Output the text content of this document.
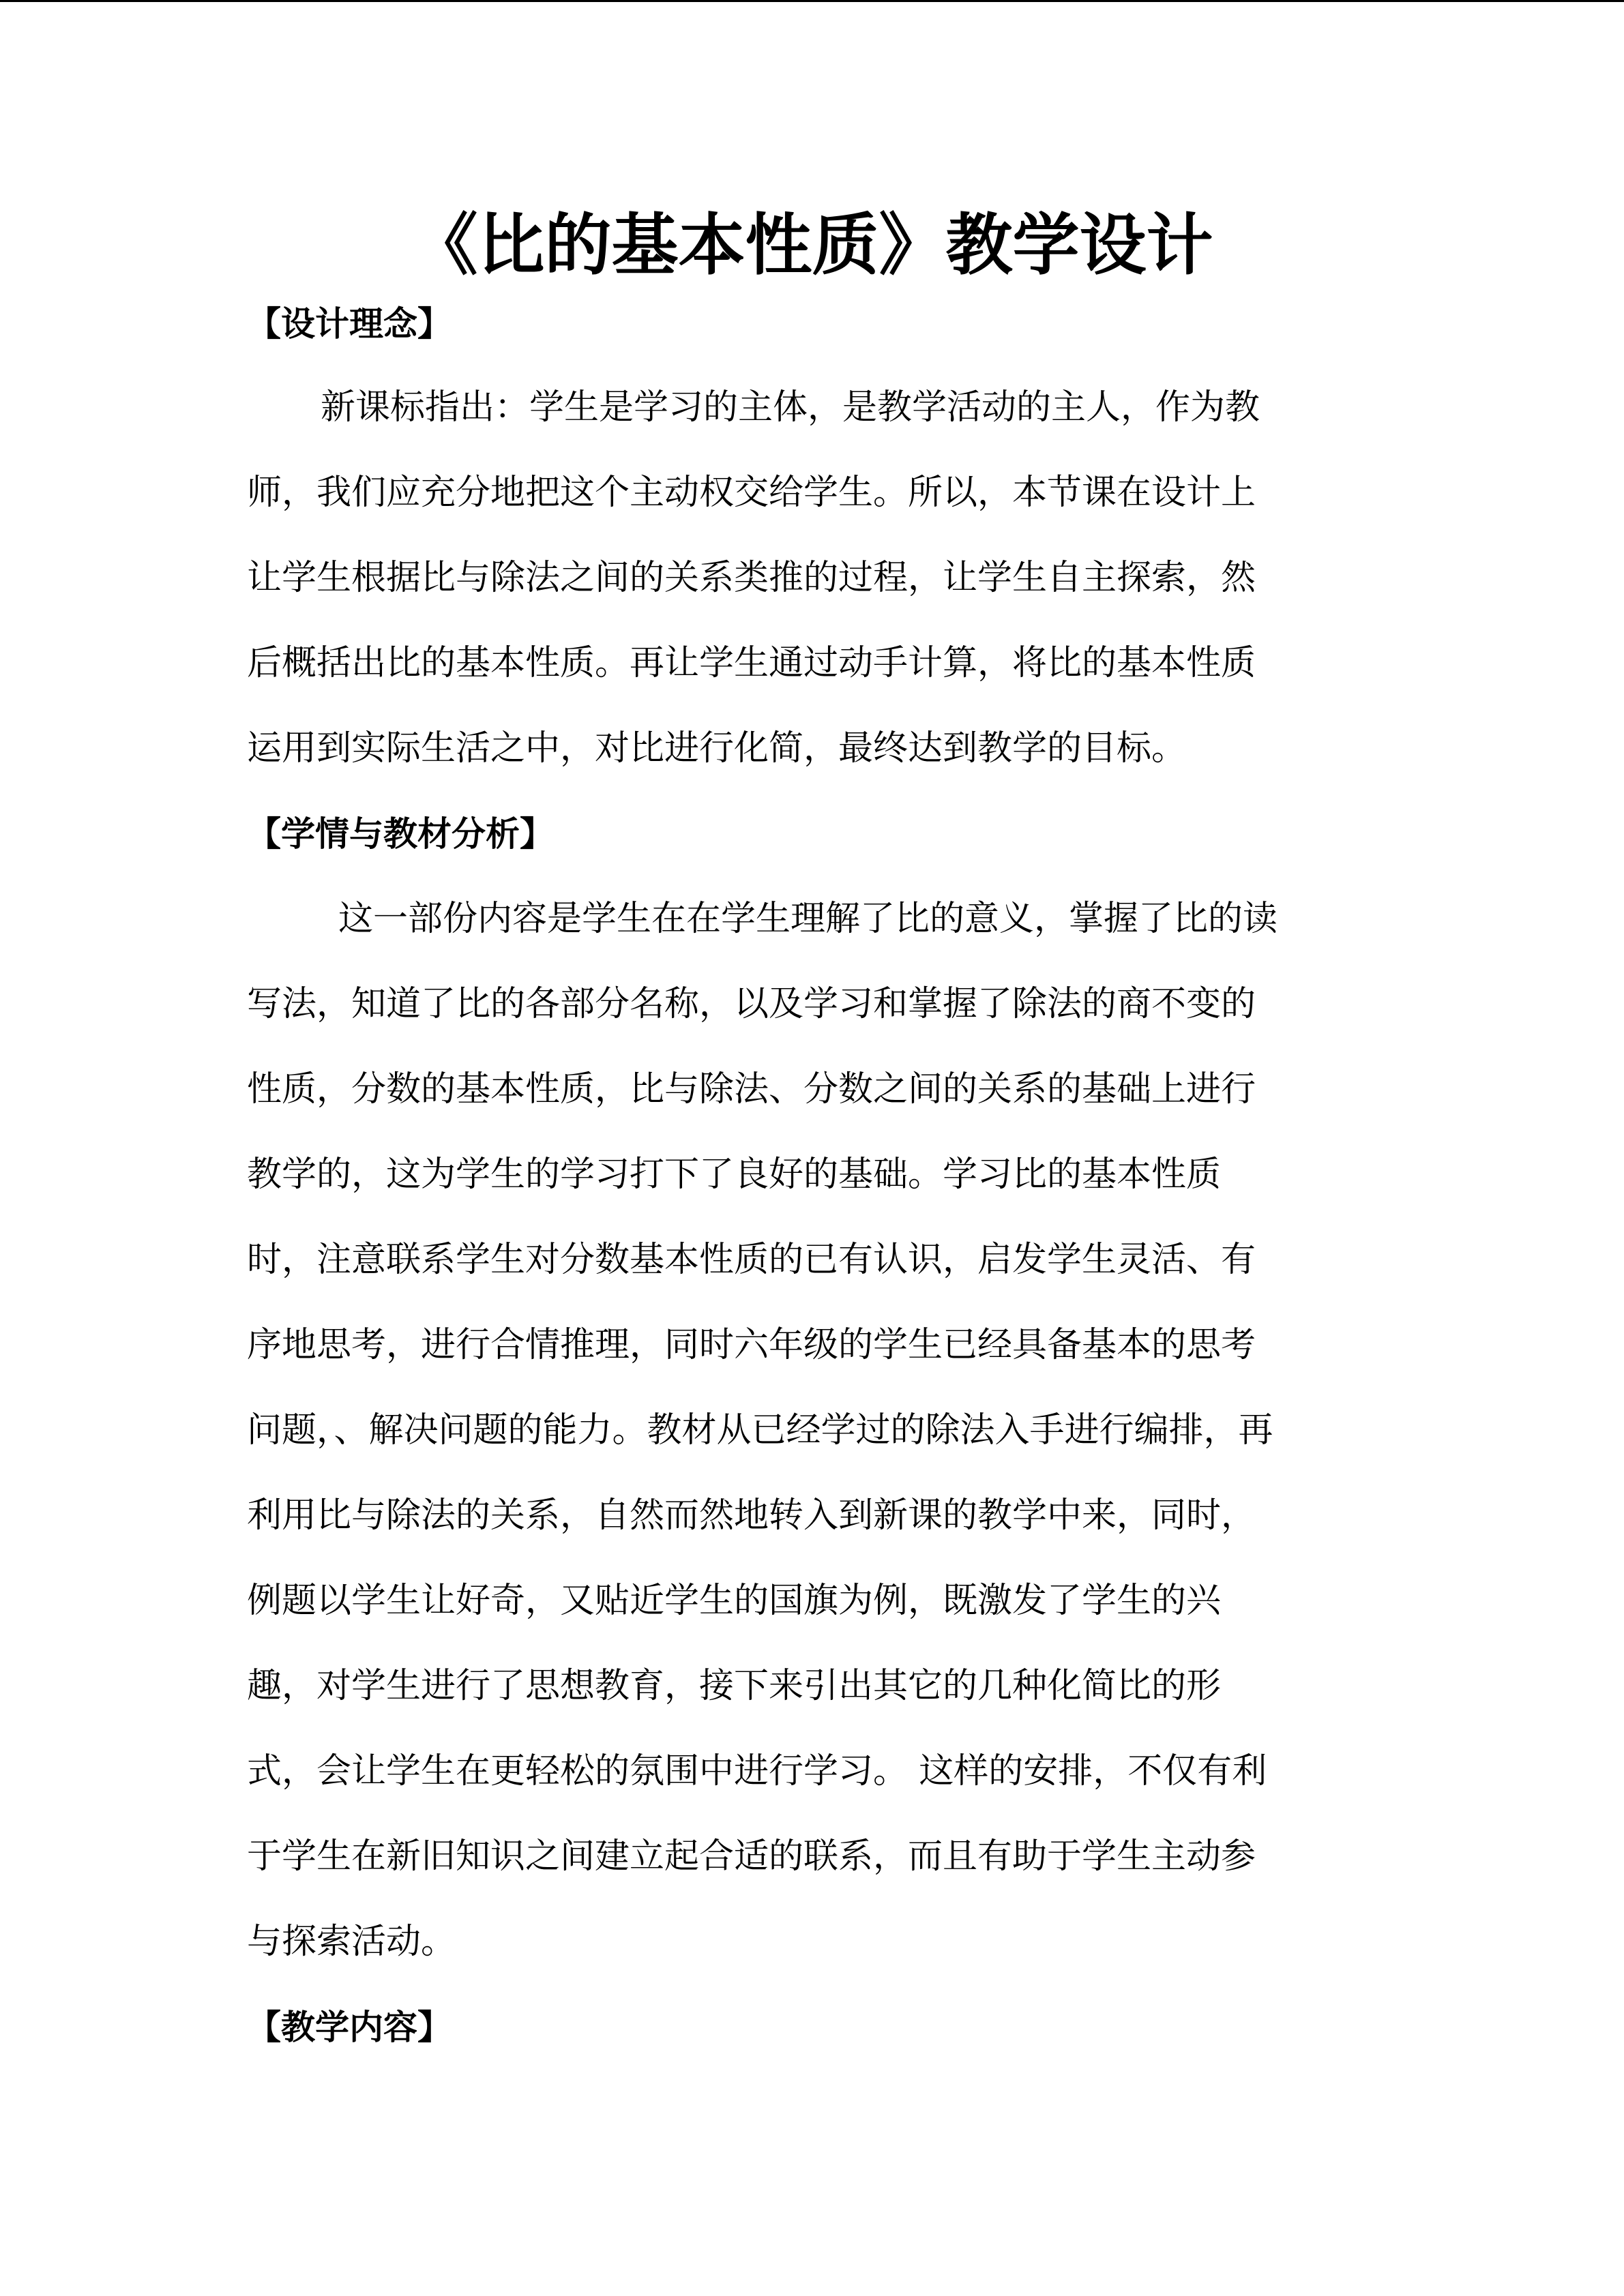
《比的基本性质》教学设计
【设计理念】

新课标指出：学生是学习的主体，是教学活动的主人，作为教

师，我们应充分地把这个主动权交给学生。所以，本节课在设计上

让学生根据比与除法之间的关系类推的过程，让学生自主探索，然

后概括出比的基本性质。再让学生通过动手计算，将比的基本性质

运用到实际生活之中，对比进行化简，最终达到教学的目标。

【学情与教材分析】

这一部份内容是学生在在学生理解了比的意义，掌握了比的读

写法，知道了比的各部分名称，以及学习和掌握了除法的商不变的

性质，分数的基本性质，比与除法、分数之间的关系的基础上进行

教学的，这为学生的学习打下了良好的基础。学习比的基本性质

时，注意联系学生对分数基本性质的已有认识，启发学生灵活、有

序地思考，进行合情推理，同时六年级的学生已经具备基本的思考

问题，、解决问题的能力。教材从已经学过的除法入手进行编排，再

利用比与除法的关系，自然而然地转入到新课的教学中来，同时，

例题以学生让好奇，又贴近学生的国旗为例，既激发了学生的兴

趣，对学生进行了思想教育，接下来引出其它的几种化简比的形

式，会让学生在更轻松的氛围中进行学习。 这样的安排，不仅有利

于学生在新旧知识之间建立起合适的联系，而且有助于学生主动参

与探索活动。

【教学内容】
